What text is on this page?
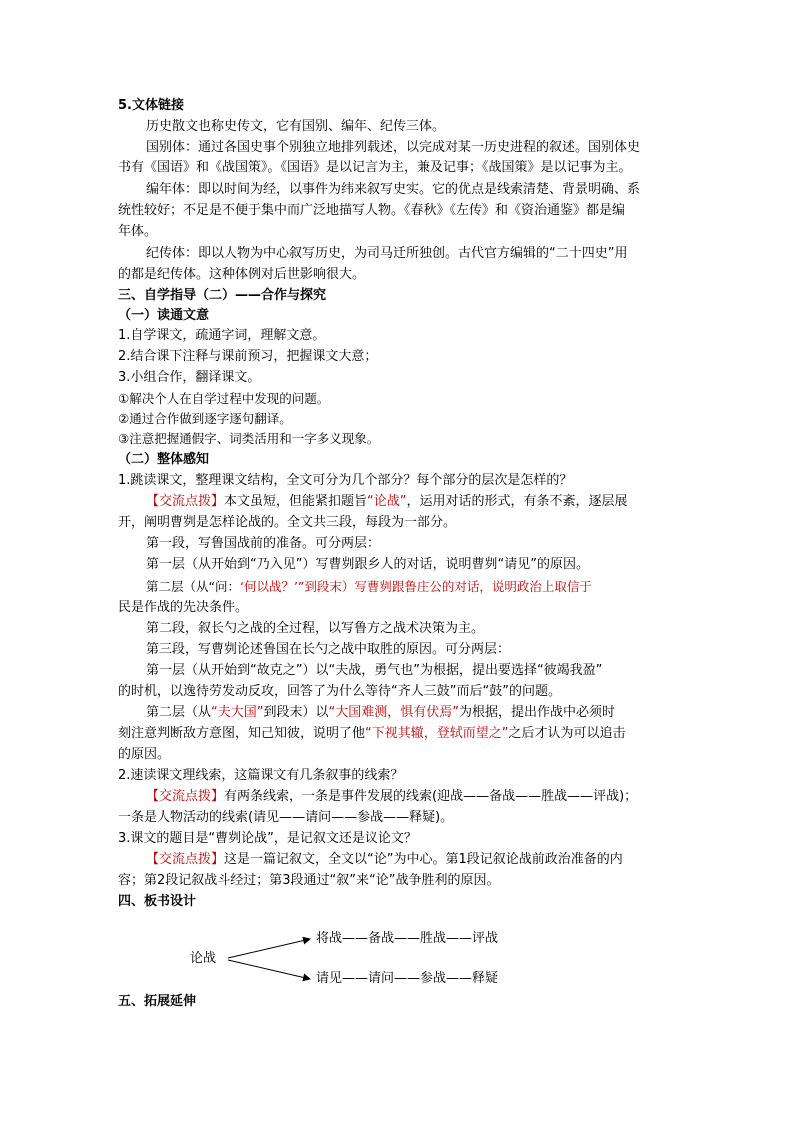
5.文体链接
历史散文也称史传文，它有国别、编年、纪传三体。
国别体：通过各国史事个别独立地排列载述，以完成对某一历史进程的叙述。国别体史
书有《国语》和《战国策》。《国语》是以记言为主，兼及记事；《战国策》是以记事为主。
编年体：即以时间为经，以事件为纬来叙写史实。它的优点是线索清楚、背景明确、系
统性较好；不足是不便于集中而广泛地描写人物。《春秋》《左传》和《资治通鉴》都是编
年体。
纪传体：即以人物为中心叙写历史，为司马迁所独创。古代官方编辑的“二十四史”用
的都是纪传体。这种体例对后世影响很大。
三、自学指导（二）——合作与探究
（一）读通文意
1.自学课文，疏通字词，理解文意。
2.结合课下注释与课前预习，把握课文大意；
3.小组合作，翻译课文。
①解决个人在自学过程中发现的问题。
②通过合作做到逐字逐句翻译。
③注意把握通假字、词类活用和一字多义现象。
（二）整体感知
1.跳读课文，整理课文结构，全文可分为几个部分？每个部分的层次是怎样的？
【交流点拨】本文虽短，但能紧扣题旨“论战”，运用对话的形式，有条不紊，逐层展
开，阐明曹刿是怎样论战的。全文共三段，每段为一部分。
第一段，写鲁国战前的准备。可分两层：
第一层（从开始到“乃入见”）写曹刿跟乡人的对话，说明曹刿“请见”的原因。
第二层（从“问：‘何以战？’”到段末）写曹刿跟鲁庄公的对话，说明政治上取信于
民是作战的先决条件。
第二段，叙长勺之战的全过程，以写鲁方之战术决策为主。
第三段，写曹刿论述鲁国在长勺之战中取胜的原因。可分两层：
第一层（从开始到“故克之”）以“夫战，勇气也”为根据，提出要选择“彼竭我盈”
的时机，以逸待劳发动反攻，回答了为什么等待“齐人三鼓”而后“鼓”的问题。
第二层（从“夫大国”到段末）以“大国难测，惧有伏焉”为根据，提出作战中必须时
刻注意判断敌方意图，知己知彼，说明了他“下视其辙，登轼而望之”之后才认为可以追击
的原因。
2.速读课文理线索，这篇课文有几条叙事的线索？
【交流点拨】有两条线索，一条是事件发展的线索(迎战——备战——胜战——评战)；
一条是人物活动的线索(请见——请问——参战——释疑)。
3.课文的题目是“曹刿论战”，是记叙文还是议论文？
【交流点拨】这是一篇记叙文，全文以“论”为中心。第1段记叙论战前政治准备的内
容；第2段记叙战斗经过；第3段通过“叙”来“论”战争胜利的原因。
四、板书设计
论战
将战——备战——胜战——评战
请见——请问——参战——释疑
五、拓展延伸
